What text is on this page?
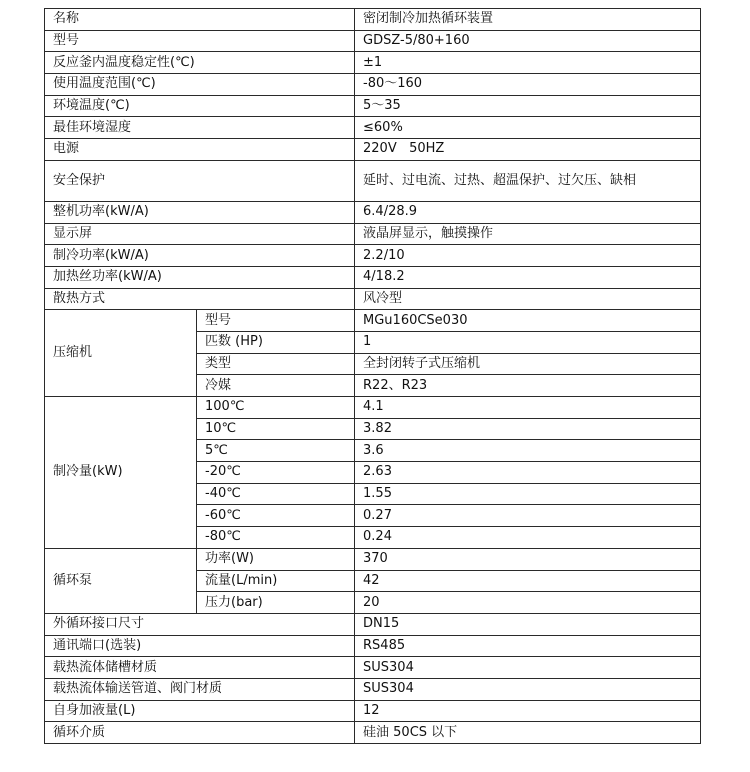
名称		密闭制冷加热循环装置
型号		GDSZ-5/80+160
反应釜内温度稳定性(℃)		±1
使用温度范围(℃)		-80～160
环境温度(℃)		5～35
最佳环境湿度		≤60%
电源		220V   50HZ
安全保护		延时、过电流、过热、超温保护、过欠压、缺相
整机功率(kW/A)		6.4/28.9
显示屏		液晶屏显示，触摸操作
制冷功率(kW/A)		2.2/10
加热丝功率(kW/A)		4/18.2
散热方式		风冷型
压缩机	型号	MGu160CSe030
	匹数 (HP)	1
	类型	全封闭转子式压缩机
	冷媒	R22、R23
制冷量(kW)	100℃	4.1
	10℃	3.82
	5℃	3.6
	-20℃	2.63
	-40℃	1.55
	-60℃	0.27
	-80℃	0.24
循环泵	功率(W)	370
	流量(L/min)	42
	压力(bar)	20
外循环接口尺寸		DN15
通讯端口(选装)		RS485
载热流体储槽材质		SUS304
载热流体输送管道、阀门材质		SUS304
自身加液量(L)		12
循环介质		硅油 50CS 以下
